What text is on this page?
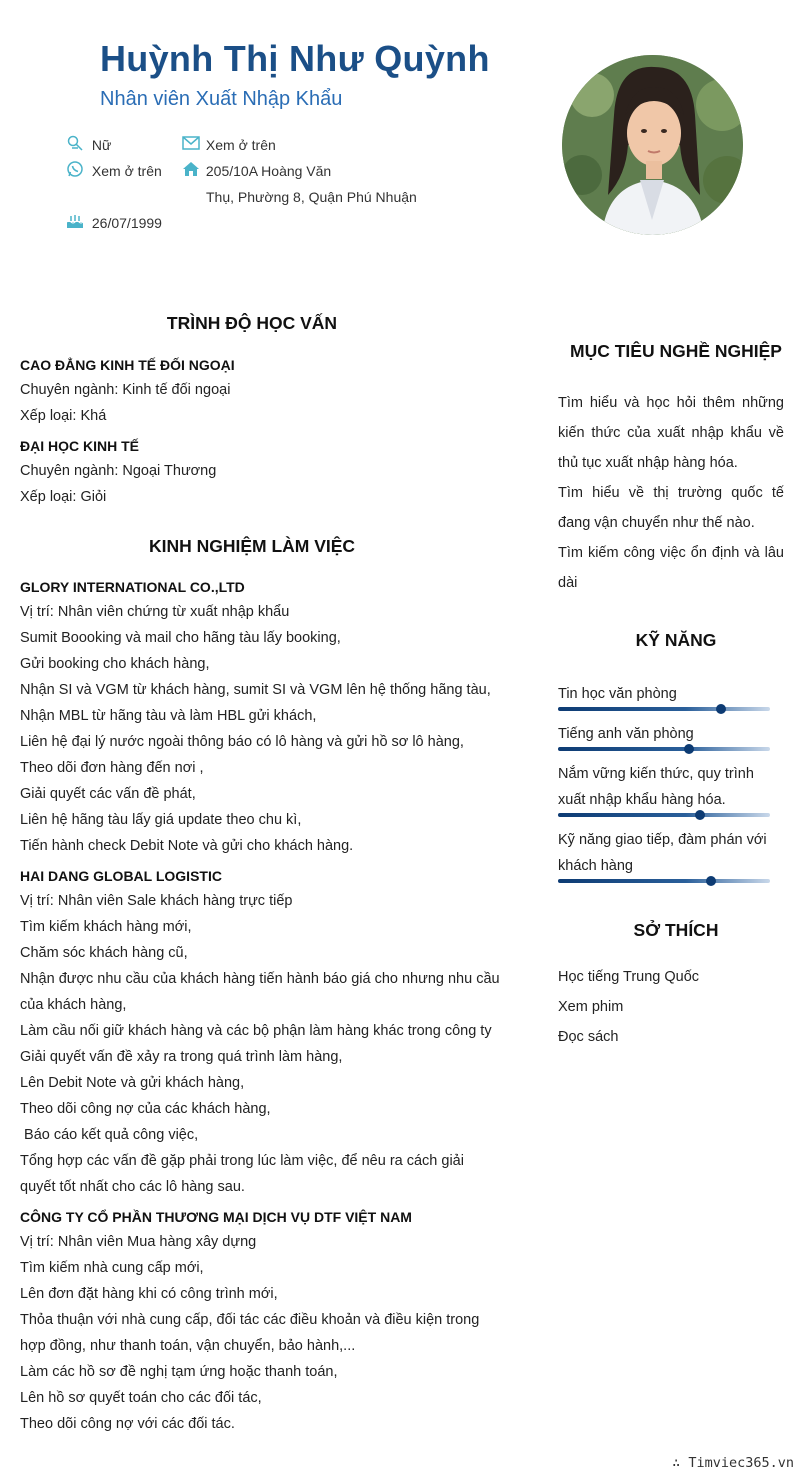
Huỳnh Thị Như Quỳnh
Nhân viên Xuất Nhập Khẩu
Nữ
Xem ở trên
26/07/1999
Xem ở trên
205/10A Hoàng Văn
Thụ, Phường 8, Quận Phú Nhuận
TRÌNH ĐỘ HỌC VẤN
CAO ĐẲNG KINH TẾ ĐỐI NGOẠI
Chuyên ngành: Kinh tế đối ngoại
Xếp loại: Khá
ĐẠI HỌC KINH TẾ
Chuyên ngành: Ngoại Thương
Xếp loại: Giỏi
KINH NGHIỆM LÀM VIỆC
GLORY INTERNATIONAL CO.,LTD
Vị trí: Nhân viên chứng từ xuất nhập khẩu
Sumit Boooking và mail cho hãng tàu lấy booking,
Gửi booking cho khách hàng,
Nhận SI và VGM từ khách hàng, sumit SI và VGM lên hệ thống hãng tàu,
Nhận MBL từ hãng tàu và làm HBL gửi khách,
Liên hệ đại lý nước ngoài thông báo có lô hàng và gửi hồ sơ lô hàng,
Theo dõi đơn hàng đến nơi ,
Giải quyết các vấn đề phát,
Liên hệ hãng tàu lấy giá update theo chu kì,
Tiến hành check Debit Note và gửi cho khách hàng.
HAI DANG GLOBAL LOGISTIC
Vị trí: Nhân viên Sale khách hàng trực tiếp
Tìm kiếm khách hàng mới,
Chăm sóc khách hàng cũ,
Nhận được nhu cầu của khách hàng tiến hành báo giá cho nhưng nhu cầu
của khách hàng,
Làm cầu nối giữ khách hàng và các bộ phận làm hàng khác trong công ty
Giải quyết vấn đề xảy ra trong quá trình làm hàng,
Lên Debit Note và gửi khách hàng,
Theo dõi công nợ của các khách hàng,
Báo cáo kết quả công việc,
Tổng hợp các vấn đề gặp phải trong lúc làm việc, để nêu ra cách giải
quyết tốt nhất cho các lô hàng sau.
CÔNG TY CỔ PHẦN THƯƠNG MẠI DỊCH VỤ DTF VIỆT NAM
Vị trí: Nhân viên Mua hàng xây dựng
Tìm kiếm nhà cung cấp mới,
Lên đơn đặt hàng khi có công trình mới,
Thỏa thuận với nhà cung cấp, đối tác các điều khoản và điều kiện trong
hợp đồng, như thanh toán, vận chuyển, bảo hành,...
Làm các hồ sơ đề nghị tạm ứng hoặc thanh toán,
Lên hồ sơ quyết toán cho các đối tác,
Theo dõi công nợ với các đối tác.
MỤC TIÊU NGHỀ NGHIỆP
Tìm hiểu và học hỏi thêm những
kiến thức của xuất nhập khẩu về
thủ tục xuất nhập hàng hóa.
Tìm hiểu về thị trường quốc tế
đang vận chuyển như thế nào.
Tìm kiếm công việc ổn định và lâu
dài
KỸ NĂNG
Tin học văn phòng
Tiếng anh văn phòng
Nắm vững kiến thức, quy trình xuất nhập khẩu hàng hóa.
Kỹ năng giao tiếp, đàm phán với khách hàng
SỞ THÍCH
Học tiếng Trung Quốc
Xem phim
Đọc sách
∴ Timviec365.vn
